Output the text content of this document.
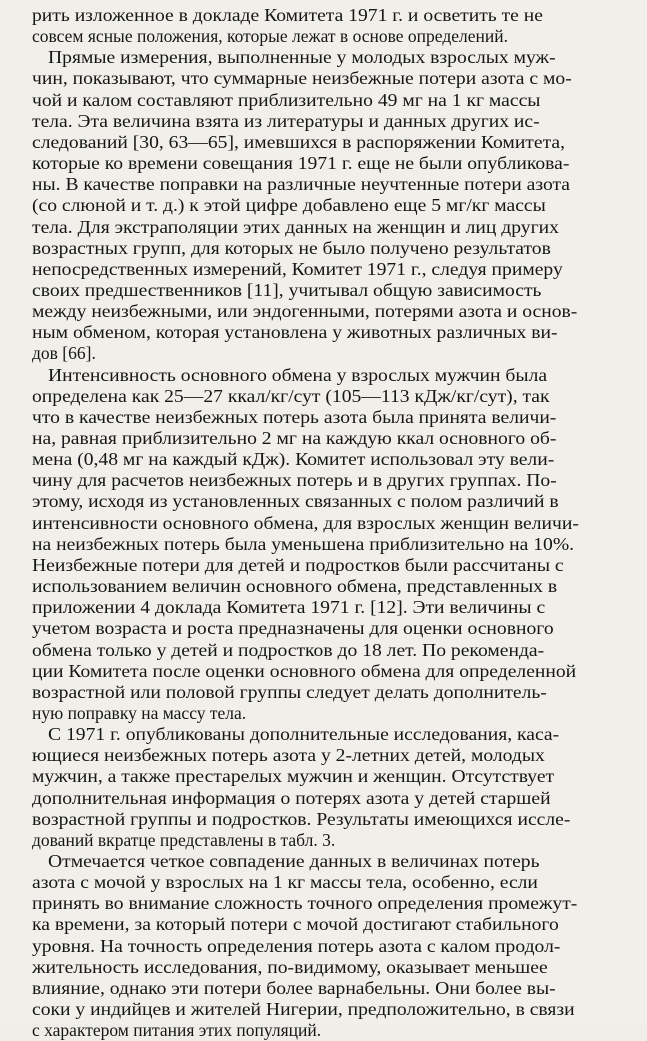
рить изложенное в докладе Комитета 1971 г. и осветить те не
совсем ясные положения, которые лежат в основе определений.
Прямые измерения, выполненные у молодых взрослых муж-
чин, показывают, что суммарные неизбежные потери азота с мо-
чой и калом составляют приблизительно 49 мг на 1 кг массы
тела. Эта величина взята из литературы и данных других ис-
следований [30, 63—65], имевшихся в распоряжении Комитета,
которые ко времени совещания 1971 г. еще не были опубликова-
ны. В качестве поправки на различные неучтенные потери азота
(со слюной и т. д.) к этой цифре добавлено еще 5 мг/кг массы
тела. Для экстраполяции этих данных на женщин и лиц других
возрастных групп, для которых не было получено результатов
непосредственных измерений, Комитет 1971 г., следуя примеру
своих предшественников [11], учитывал общую зависимость
между неизбежными, или эндогенными, потерями азота и основ-
ным обменом, которая установлена у животных различных ви-
дов [66].
Интенсивность основного обмена у взрослых мужчин была
определена как 25—27 ккал/кг/сут (105—113 кДж/кг/сут), так
что в качестве неизбежных потерь азота была принята величи-
на, равная приблизительно 2 мг на каждую ккал основного об-
мена (0,48 мг на каждый кДж). Комитет использовал эту вели-
чину для расчетов неизбежных потерь и в других группах. По-
этому, исходя из установленных связанных с полом различий в
интенсивности основного обмена, для взрослых женщин величи-
на неизбежных потерь была уменьшена приблизительно на 10%.
Неизбежные потери для детей и подростков были рассчитаны с
использованием величин основного обмена, представленных в
приложении 4 доклада Комитета 1971 г. [12]. Эти величины с
учетом возраста и роста предназначены для оценки основного
обмена только у детей и подростков до 18 лет. По рекоменда-
ции Комитета после оценки основного обмена для определенной
возрастной или половой группы следует делать дополнитель-
ную поправку на массу тела.
С 1971 г. опубликованы дополнительные исследования, каса-
ющиеся неизбежных потерь азота у 2-летних детей, молодых
мужчин, а также престарелых мужчин и женщин. Отсутствует
дополнительная информация о потерях азота у детей старшей
возрастной группы и подростков. Результаты имеющихся иссле-
дований вкратце представлены в табл. 3.
Отмечается четкое совпадение данных в величинах потерь
азота с мочой у взрослых на 1 кг массы тела, особенно, если
принять во внимание сложность точного определения промежут-
ка времени, за который потери с мочой достигают стабильного
уровня. На точность определения потерь азота с калом продол-
жительность исследования, по-видимому, оказывает меньшее
влияние, однако эти потери более варнабельны. Они более вы-
соки у индийцев и жителей Нигерии, предположительно, в связи
с характером питания этих популяций.
